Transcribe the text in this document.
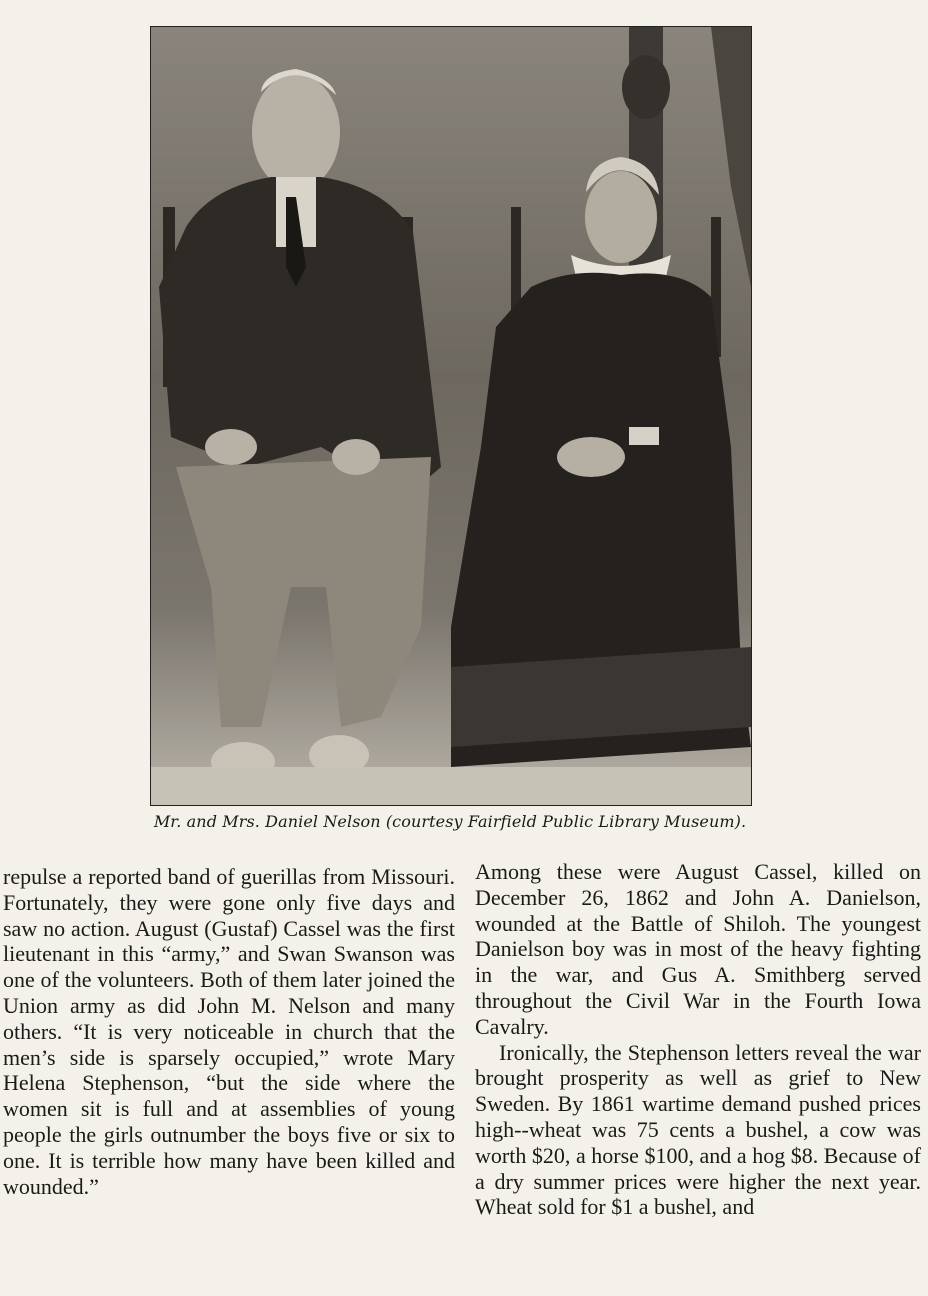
Mr. and Mrs. Daniel Nelson (courtesy Fairfield Public Library Museum).

repulse a reported band of guerillas from Missouri. Fortunately, they were gone only five days and saw no action. August (Gustaf) Cassel was the first lieutenant in this “army,” and Swan Swanson was one of the volunteers. Both of them later joined the Union army as did John M. Nelson and many others. “It is very noticeable in church that the men’s side is sparsely occupied,” wrote Mary Helena Stephenson, “but the side where the women sit is full and at assemblies of young people the girls outnumber the boys five or six to one. It is terrible how many have been killed and wounded.”

Among these were August Cassel, killed on December 26, 1862 and John A. Danielson, wounded at the Battle of Shiloh. The youngest Danielson boy was in most of the heavy fighting in the war, and Gus A. Smithberg served throughout the Civil War in the Fourth Iowa Cavalry.

Ironically, the Stephenson letters reveal the war brought prosperity as well as grief to New Sweden. By 1861 wartime demand pushed prices high--wheat was 75 cents a bushel, a cow was worth $20, a horse $100, and a hog $8. Because of a dry summer prices were higher the next year. Wheat sold for $1 a bushel, and
